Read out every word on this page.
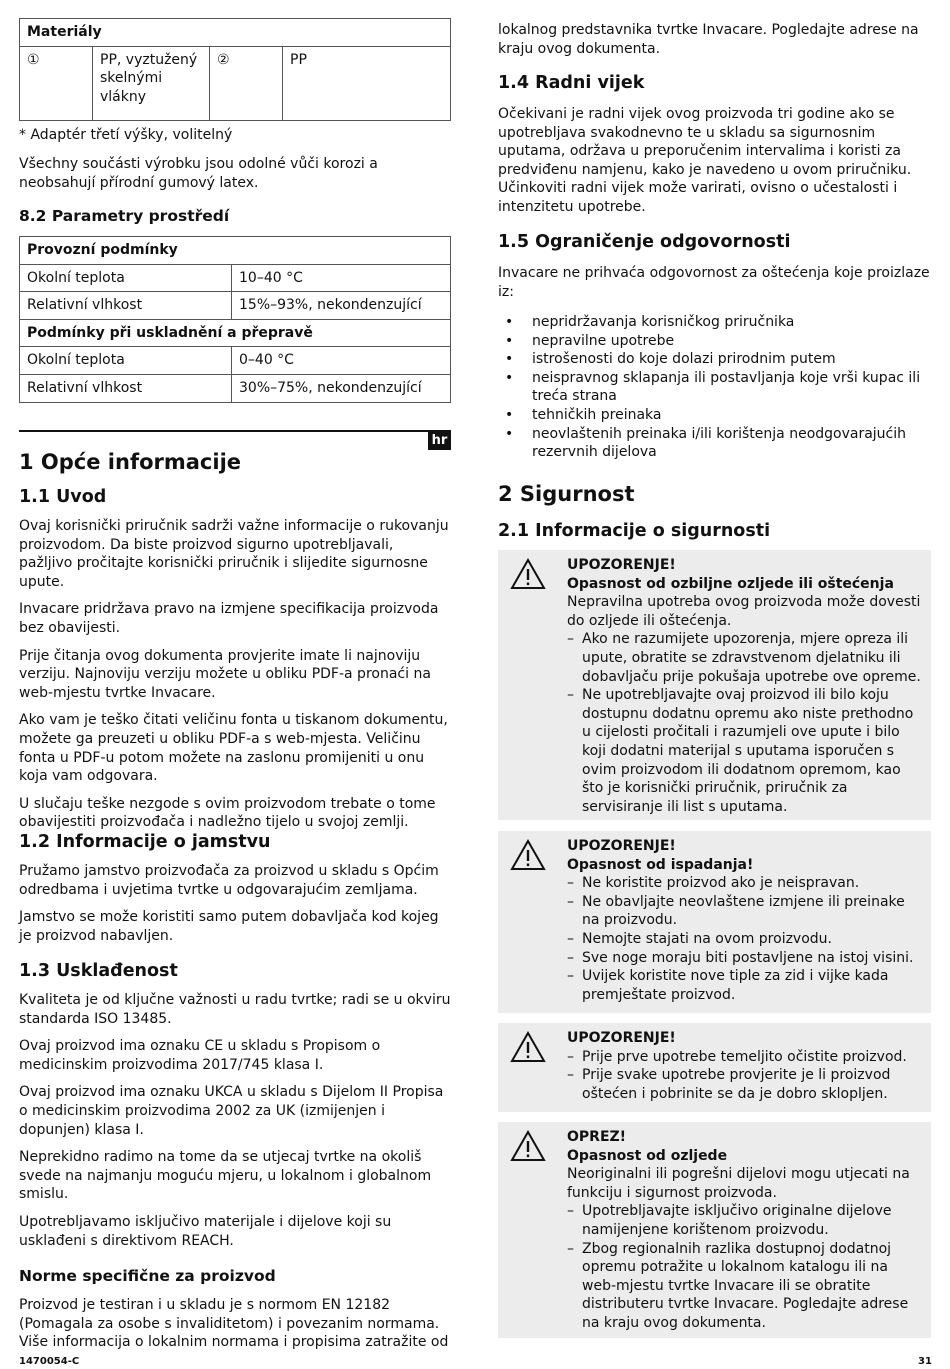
Materiály
①	PP, vyztužený skelnými vlákny	②	PP

* Adaptér třetí výšky, volitelný

Všechny součásti výrobku jsou odolné vůči korozi a neobsahují přírodní gumový latex.

8.2 Parametry prostředí
Provozní podmínky	
Okolní teplota	10–40 °C
Relativní vlhkost	15%–93%, nekondenzující
Podmínky při uskladnění a přepravě	
Okolní teplota	0–40 °C
Relativní vlhkost	30%–75%, nekondenzující
1 Opće informacije
1.1 Uvod

Ovaj korisnički priručnik sadrži važne informacije o rukovanju proizvodom. Da biste proizvod sigurno upotrebljavali, pažljivo pročitajte korisnički priručnik i slijedite sigurnosne upute.

Invacare pridržava pravo na izmjene specifikacija proizvoda bez obavijesti.

Prije čitanja ovog dokumenta provjerite imate li najnoviju verziju. Najnoviju verziju možete u obliku PDF-a pronaći na web-mjestu tvrtke Invacare.

Ako vam je teško čitati veličinu fonta u tiskanom dokumentu, možete ga preuzeti u obliku PDF-a s web-mjesta. Veličinu fonta u PDF-u potom možete na zaslonu promijeniti u onu koja vam odgovara.

U slučaju teške nezgode s ovim proizvodom trebate o tome obavijestiti proizvođača i nadležno tijelo u svojoj zemlji.

1.2 Informacije o jamstvu

Pružamo jamstvo proizvođača za proizvod u skladu s Općim odredbama i uvjetima tvrtke u odgovarajućim zemljama.

Jamstvo se može koristiti samo putem dobavljača kod kojeg je proizvod nabavljen.

1.3 Usklađenost

Kvaliteta je od ključne važnosti u radu tvrtke; radi se u okviru standarda ISO 13485.

Ovaj proizvod ima oznaku CE u skladu s Propisom o medicinskim proizvodima 2017/745 klasa I.

Ovaj proizvod ima oznaku UKCA u skladu s Dijelom II Propisa o medicinskim proizvodima 2002 za UK (izmijenjen i dopunjen) klasa I.

Neprekidno radimo na tome da se utjecaj tvrtke na okoliš svede na najmanju moguću mjeru, u lokalnom i globalnom smislu.

Upotrebljavamo isključivo materijale i dijelove koji su usklađeni s direktivom REACH.

Norme specifične za proizvod

Proizvod je testiran i u skladu je s normom EN 12182 (Pomagala za osobe s invaliditetom) i povezanim normama. Više informacija o lokalnim normama i propisima zatražite od

hr

lokalnog predstavnika tvrtke Invacare. Pogledajte adrese na kraju ovog dokumenta.

1.4 Radni vijek

Očekivani je radni vijek ovog proizvoda tri godine ako se upotrebljava svakodnevno te u skladu sa sigurnosnim uputama, održava u preporučenim intervalima i koristi za predviđenu namjenu, kako je navedeno u ovom priručniku. Učinkoviti radni vijek može varirati, ovisno o učestalosti i intenzitetu upotrebe.

1.5 Ograničenje odgovornosti

Invacare ne prihvaća odgovornost za oštećenja koje proizlaze iz:

• nepridržavanja korisničkog priručnika
• nepravilne upotrebe
• istrošenosti do koje dolazi prirodnim putem
• neispravnog sklapanja ili postavljanja koje vrši kupac ili treća strana
• tehničkih preinaka
• neovlaštenih preinaka i/ili korištenja neodgovarajućih rezervnih dijelova
2 Sigurnost
2.1 Informacije o sigurnosti
UPOZORENJE!
Opasnost od ozbiljne ozljede ili oštećenja

Nepravilna upotreba ovog proizvoda može dovesti do ozljede ili oštećenja.

– Ako ne razumijete upozorenja, mjere opreza ili upute, obratite se zdravstvenom djelatniku ili dobavljaču prije pokušaja upotrebe ove opreme.
– Ne upotrebljavajte ovaj proizvod ili bilo koju dostupnu dodatnu opremu ako niste prethodno u cijelosti pročitali i razumjeli ove upute i bilo koji dodatni materijal s uputama isporučen s ovim proizvodom ili dodatnom opremom, kao što je korisnički priručnik, priručnik za servisiranje ili list s uputama.
UPOZORENJE!
Opasnost od ispadanja!
– Ne koristite proizvod ako je neispravan.
– Ne obavljajte neovlaštene izmjene ili preinake na proizvodu.
– Nemojte stajati na ovom proizvodu.
– Sve noge moraju biti postavljene na istoj visini.
– Uvijek koristite nove tiple za zid i vijke kada premještate proizvod.
UPOZORENJE!
– Prije prve upotrebe temeljito očistite proizvod.
– Prije svake upotrebe provjerite je li proizvod oštećen i pobrinite se da je dobro sklopljen.
OPREZ!
Opasnost od ozljede

Neoriginalni ili pogrešni dijelovi mogu utjecati na funkciju i sigurnost proizvoda.

– Upotrebljavajte isključivo originalne dijelove namijenjene korištenom proizvodu.
– Zbog regionalnih razlika dostupnoj dodatnoj opremu potražite u lokalnom katalogu ili na web-mjestu tvrtke Invacare ili se obratite distributeru tvrtke Invacare. Pogledajte adrese na kraju ovog dokumenta.
1470054-C	31
